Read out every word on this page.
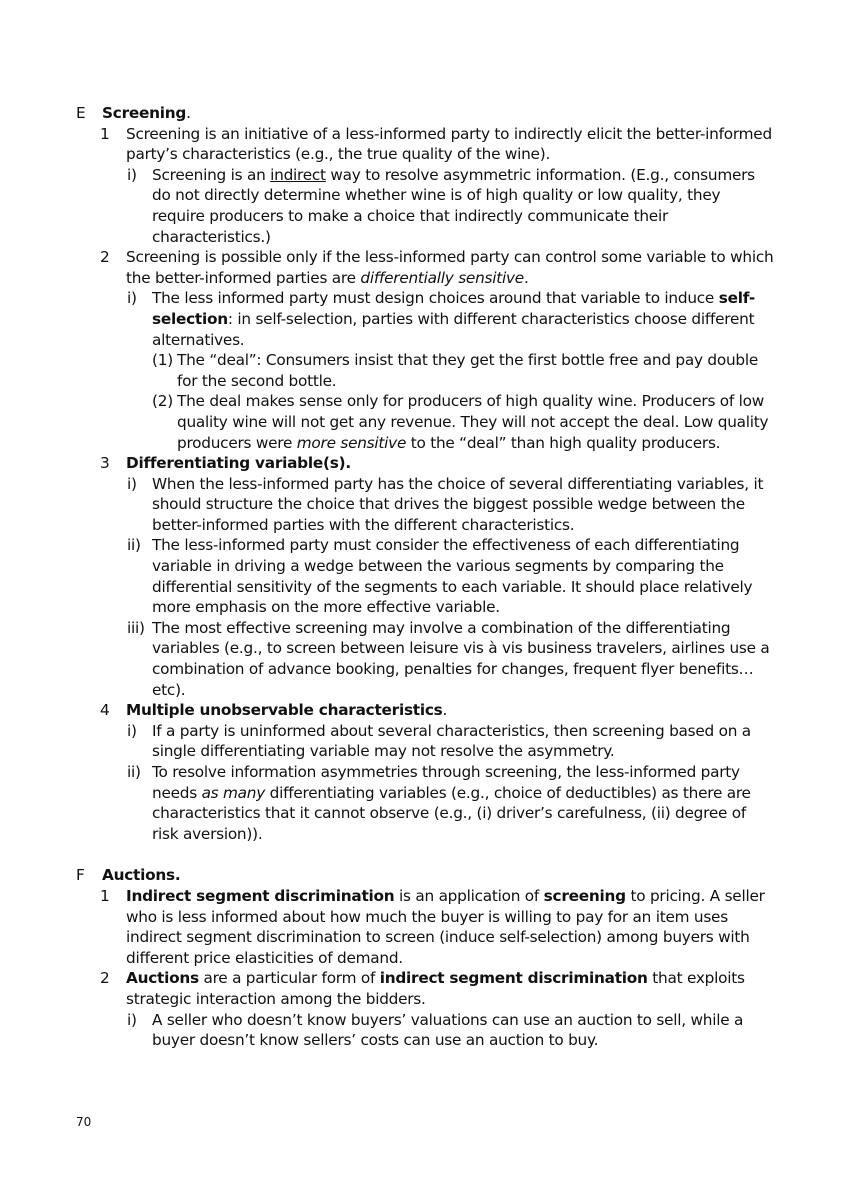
E	Screening.
1	Screening is an initiative of a less-informed party to indirectly elicit the better-informed party’s characteristics (e.g., the true quality of the wine).
i) Screening is an indirect way to resolve asymmetric information. (E.g., consumers do not directly determine whether wine is of high quality or low quality, they require producers to make a choice that indirectly communicate their characteristics.)
2	Screening is possible only if the less-informed party can control some variable to which the better-informed parties are differentially sensitive.
i) The less informed party must design choices around that variable to induce self-selection: in self-selection, parties with different characteristics choose different alternatives.
(1) The “deal”: Consumers insist that they get the first bottle free and pay double for the second bottle.
(2) The deal makes sense only for producers of high quality wine. Producers of low quality wine will not get any revenue. They will not accept the deal. Low quality producers were more sensitive to the “deal” than high quality producers.
3	Differentiating variable(s).
i) When the less-informed party has the choice of several differentiating variables, it should structure the choice that drives the biggest possible wedge between the better-informed parties with the different characteristics.
ii) The less-informed party must consider the effectiveness of each differentiating variable in driving a wedge between the various segments by comparing the differential sensitivity of the segments to each variable. It should place relatively more emphasis on the more effective variable.
iii) The most effective screening may involve a combination of the differentiating variables (e.g., to screen between leisure vis à vis business travelers, airlines use a combination of advance booking, penalties for changes, frequent flyer benefits…etc).
4	Multiple unobservable characteristics.
i) If a party is uninformed about several characteristics, then screening based on a single differentiating variable may not resolve the asymmetry.
ii) To resolve information asymmetries through screening, the less-informed party needs as many differentiating variables (e.g., choice of deductibles) as there are characteristics that it cannot observe (e.g., (i) driver’s carefulness, (ii) degree of risk aversion)).
F	Auctions.
1	Indirect segment discrimination is an application of screening to pricing. A seller who is less informed about how much the buyer is willing to pay for an item uses indirect segment discrimination to screen (induce self-selection) among buyers with different price elasticities of demand.
2	Auctions are a particular form of indirect segment discrimination that exploits strategic interaction among the bidders.
i) A seller who doesn’t know buyers’ valuations can use an auction to sell, while a buyer doesn’t know sellers’ costs can use an auction to buy.
70
